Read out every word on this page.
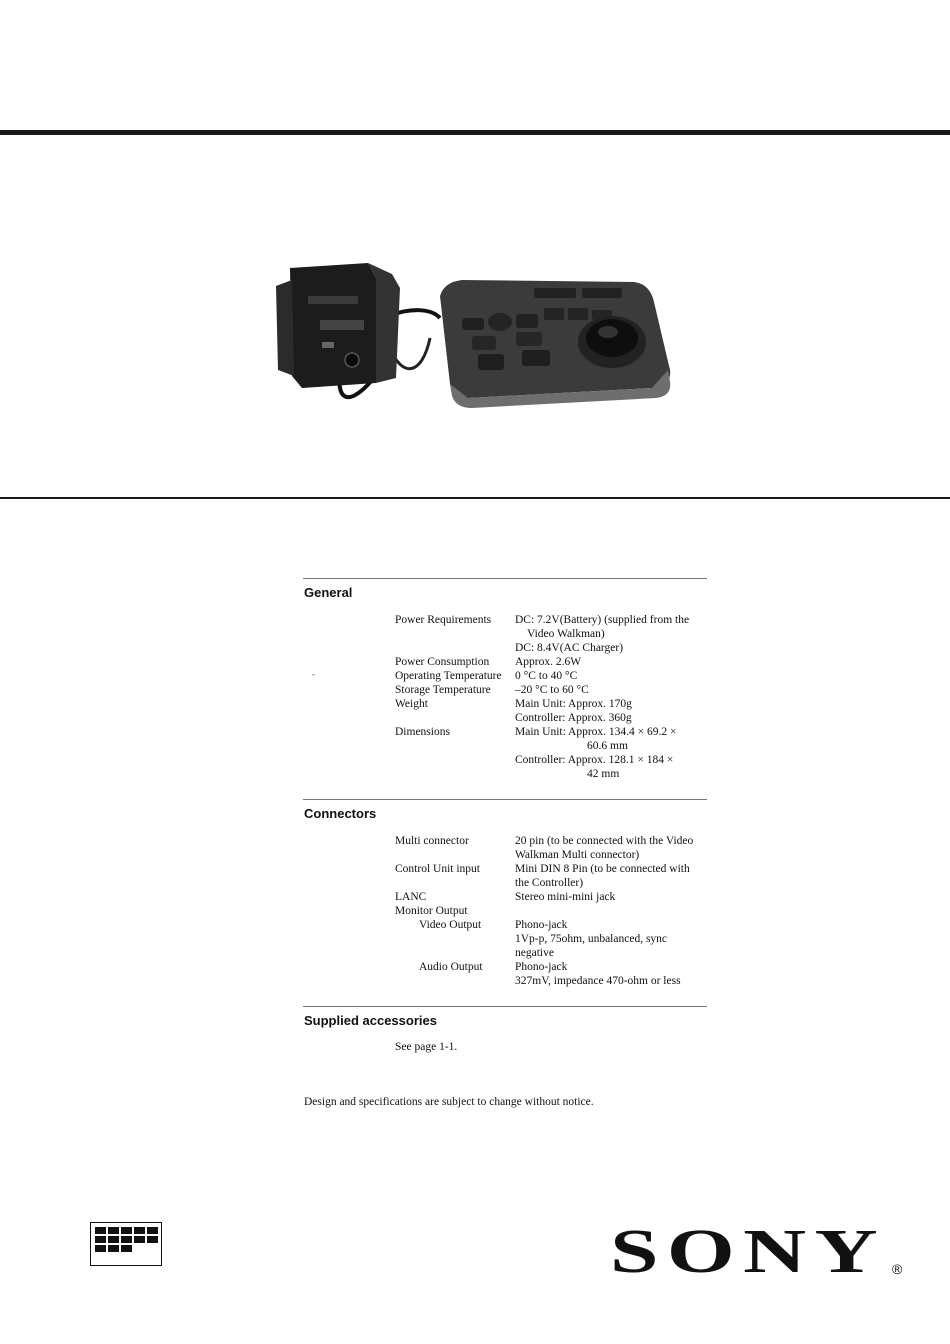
-
General
Power Requirements	DC: 7.2V(Battery) (supplied from the
Video Walkman)
DC: 8.4V(AC Charger)
Power Consumption	Approx. 2.6W
Operating Temperature	0 °C to 40 °C
Storage Temperature	–20 °C to 60 °C
Weight	Main Unit: Approx. 170g
Controller: Approx. 360g
Dimensions	Main Unit: Approx. 134.4 × 69.2 ×
60.6 mm
Controller: Approx. 128.1 × 184 ×
42 mm
Connectors
Multi connector	20 pin (to be connected with the Video
Walkman Multi connector)
Control Unit input	Mini DIN 8 Pin (to be connected with
the Controller)
LANC	Stereo mini-mini jack
Monitor Output
Video Output	Phono-jack
1Vp-p, 75ohm, unbalanced, sync
negative
Audio Output	Phono-jack
327mV, impedance 470-ohm or less
Supplied accessories
See page 1-1.
Design and specifications are subject to change without notice.
SONY ®
